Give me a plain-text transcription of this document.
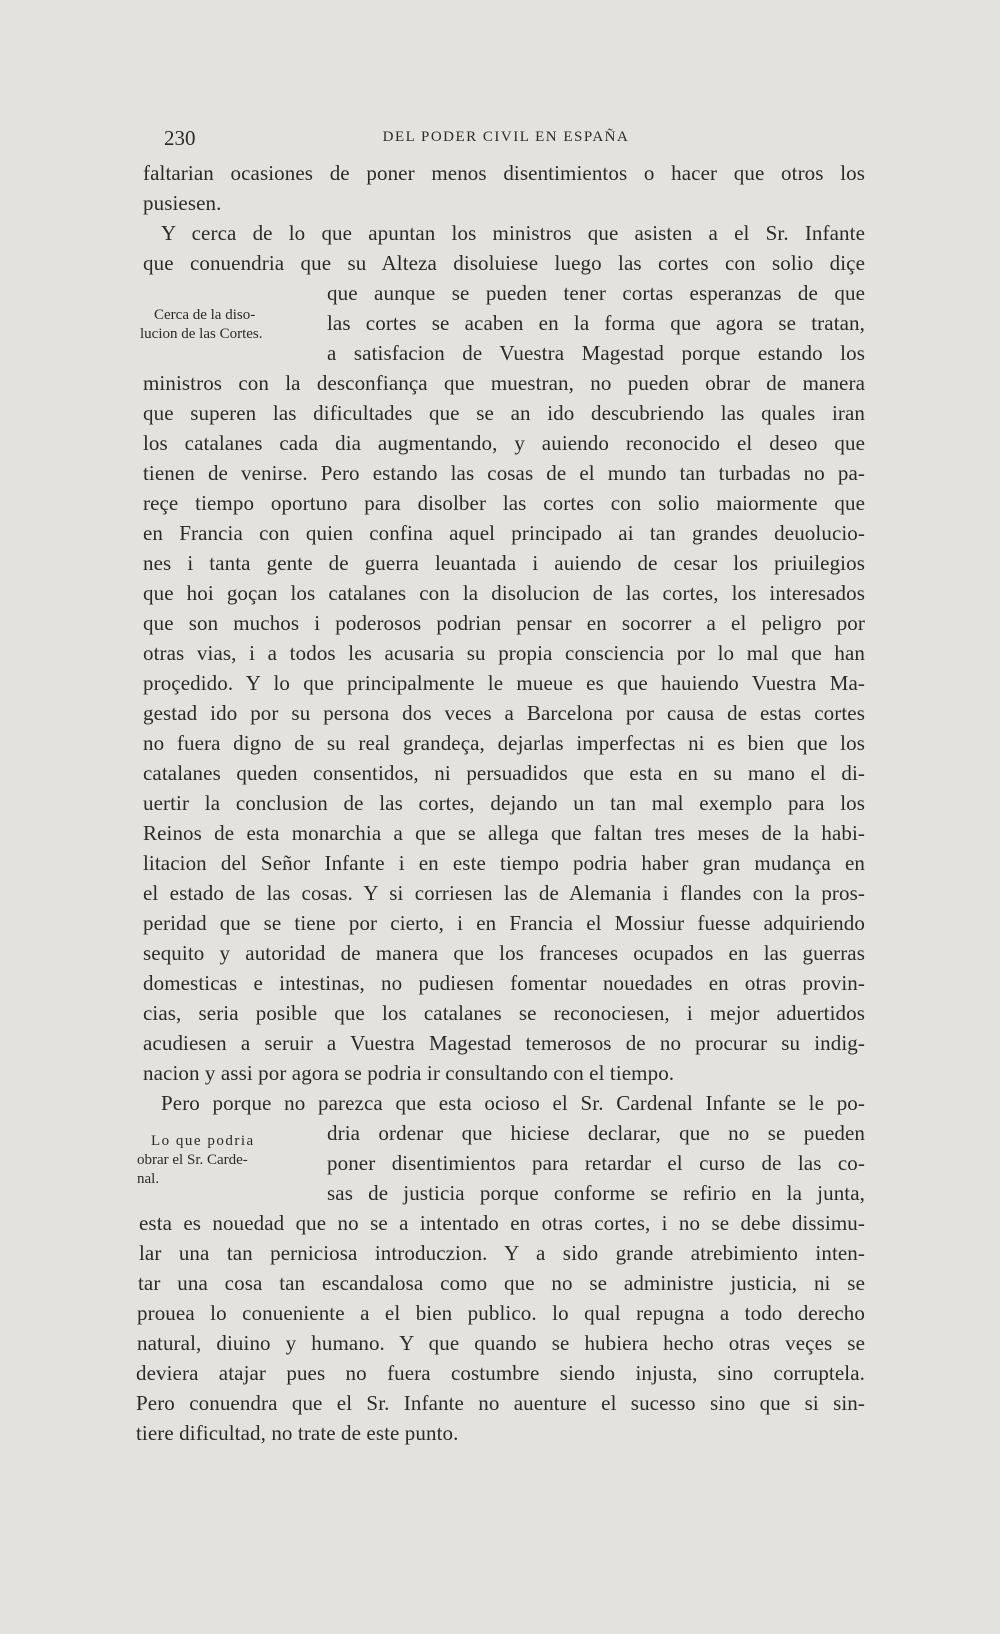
230	DEL PODER CIVIL EN ESPAÑA
faltarian ocasiones de poner menos disentimientos o hacer que otros los
pusiesen.
Y cerca de lo que apuntan los ministros que asisten a el Sr. Infante
que conuendria que su Alteza disoluiese luego las cortes con solio diçe
que aunque se pueden tener cortas esperanzas de que
las cortes se acaben en la forma que agora se tratan,
a satisfacion de Vuestra Magestad porque estando los
ministros con la desconfiança que muestran, no pueden obrar de manera
que superen las dificultades que se an ido descubriendo las quales iran
los catalanes cada dia augmentando, y auiendo reconocido el deseo que
tienen de venirse. Pero estando las cosas de el mundo tan turbadas no pa-
reçe tiempo oportuno para disolber las cortes con solio maiormente que
en Francia con quien confina aquel principado ai tan grandes deuolucio-
nes i tanta gente de guerra leuantada i auiendo de cesar los priuilegios
que hoi goçan los catalanes con la disolucion de las cortes, los interesados
que son muchos i poderosos podrian pensar en socorrer a el peligro por
otras vias, i a todos les acusaria su propia consciencia por lo mal que han
proçedido. Y lo que principalmente le mueue es que hauiendo Vuestra Ma-
gestad ido por su persona dos veces a Barcelona por causa de estas cortes
no fuera digno de su real grandeça, dejarlas imperfectas ni es bien que los
catalanes queden consentidos, ni persuadidos que esta en su mano el di-
uertir la conclusion de las cortes, dejando un tan mal exemplo para los
Reinos de esta monarchia a que se allega que faltan tres meses de la habi-
litacion del Señor Infante i en este tiempo podria haber gran mudança en
el estado de las cosas. Y si corriesen las de Alemania i flandes con la pros-
peridad que se tiene por cierto, i en Francia el Mossiur fuesse adquiriendo
sequito y autoridad de manera que los franceses ocupados en las guerras
domesticas e intestinas, no pudiesen fomentar nouedades en otras provin-
cias, seria posible que los catalanes se reconociesen, i mejor aduertidos
acudiesen a seruir a Vuestra Magestad temerosos de no procurar su indig-
nacion y assi por agora se podria ir consultando con el tiempo.
Pero porque no parezca que esta ocioso el Sr. Cardenal Infante se le po-
dria ordenar que hiciese declarar, que no se pueden
poner disentimientos para retardar el curso de las co-
sas de justicia porque conforme se refirio en la junta,
esta es nouedad que no se a intentado en otras cortes, i no se debe dissimu-
lar una tan perniciosa introduczion. Y a sido grande atrebimiento inten-
tar una cosa tan escandalosa como que no se administre justicia, ni se
prouea lo conueniente a el bien publico. lo qual repugna a todo derecho
natural, diuino y humano. Y que quando se hubiera hecho otras veçes se
deviera atajar pues no fuera costumbre siendo injusta, sino corruptela.
Pero conuendra que el Sr. Infante no auenture el sucesso sino que si sin-
tiere dificultad, no trate de este punto.
Cerca de la diso-
lucion de las Cortes.
Lo que podria
obrar el Sr. Carde-
nal.
